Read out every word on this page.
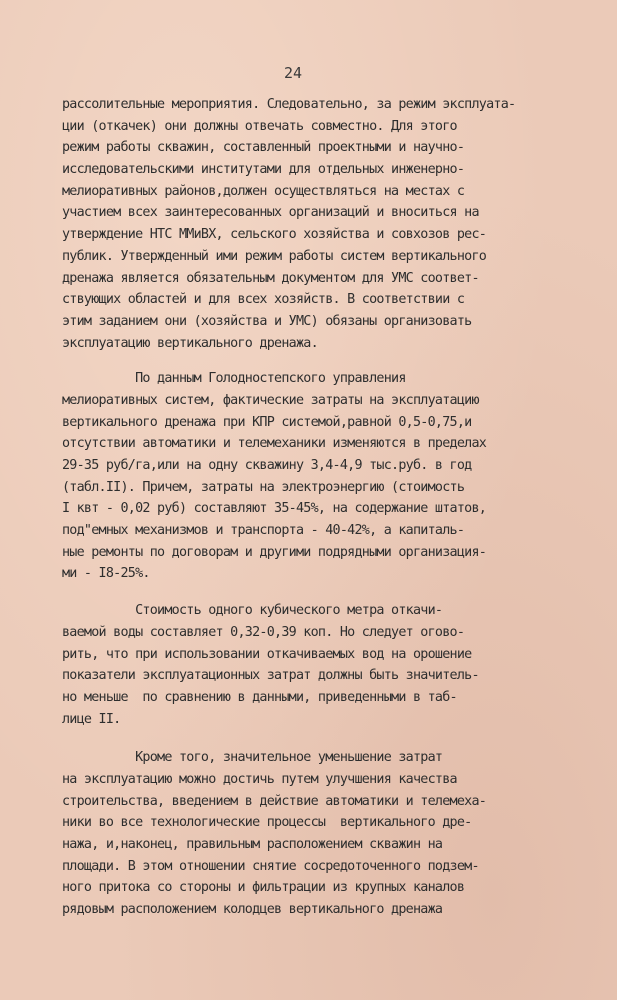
24
рассолительные мероприятия. Следовательно, за режим эксплуата-
ции (откачек) они должны отвечать совместно. Для этого
режим работы скважин, составленный проектными и научно-
исследовательскими институтами для отдельных инженерно-
мелиоративных районов,должен осуществляться на местах с
участием всех заинтересованных организаций и вноситься на
утверждение НТС ММиВХ, сельского хозяйства и совхозов рес-
публик. Утвержденный ими режим работы систем вертикального
дренажа является обязательным документом для УМС соответ-
ствующих областей и для всех хозяйств. В соответствии с
этим заданием они (хозяйства и УМС) обязаны организовать
эксплуатацию вертикального дренажа.
По данным Голодностепского управления
мелиоративных систем, фактические затраты на эксплуатацию
вертикального дренажа при КПР системой,равной 0,5-0,75,и
отсутствии автоматики и телемеханики изменяются в пределах
29-35 руб/га,или на одну скважину 3,4-4,9 тыс.руб. в год
(табл.II). Причем, затраты на электроэнергию (стоимость
I квт - 0,02 руб) составляют 35-45%, на содержание штатов,
под"емных механизмов и транспорта - 40-42%, а капиталь-
ные ремонты по договорам и другими подрядными организация-
ми - I8-25%.
Стоимость одного кубического метра откачи-
ваемой воды составляет 0,32-0,39 коп. Но следует огово-
рить, что при использовании откачиваемых вод на орошение
показатели эксплуатационных затрат должны быть значитель-
но меньше  по сравнению в данными, приведенными в таб-
лице II.
Кроме того, значительное уменьшение затрат
на эксплуатацию можно достичь путем улучшения качества
строительства, введением в действие автоматики и телемеха-
ники во все технологические процессы  вертикального дре-
нажа, и,наконец, правильным расположением скважин на
площади. В этом отношении снятие сосредоточенного подзем-
ного притока со стороны и фильтрации из крупных каналов
рядовым расположением колодцев вертикального дренажа
